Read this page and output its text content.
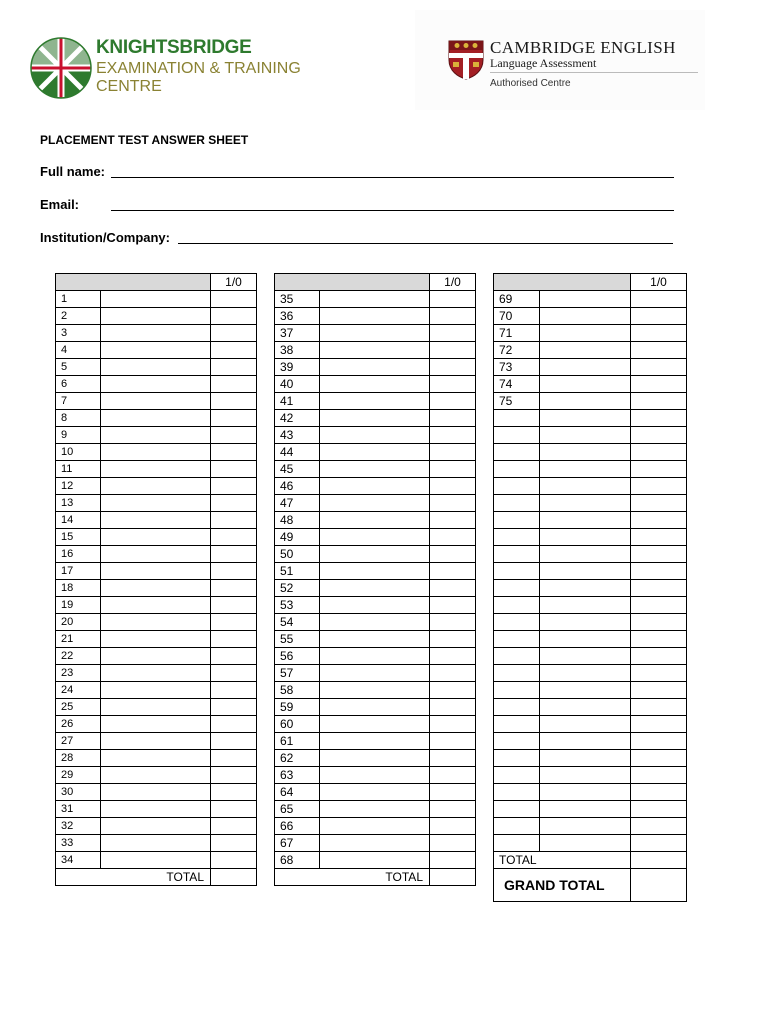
KNIGHTSBRIDGE
EXAMINATION & TRAINING
CENTRE
CAMBRIDGE ENGLISH
Language Assessment
Authorised Centre
PLACEMENT TEST ANSWER SHEET
Full name:
Email:
Institution/Company:
		1/0
1		
2		
3		
4		
5		
6		
7		
8		
9		
10		
11		
12		
13		
14		
15		
16		
17		
18		
19		
20		
21		
22		
23		
24		
25		
26		
27		
28		
29		
30		
31		
32		
33		
34		
TOTAL		
		1/0
35		
36		
37		
38		
39		
40		
41		
42		
43		
44		
45		
46		
47		
48		
49		
50		
51		
52		
53		
54		
55		
56		
57		
58		
59		
60		
61		
62		
63		
64		
65		
66		
67		
68		
TOTAL		
		1/0
69		
70		
71		
72		
73		
74		
75		

TOTAL		
GRAND TOTAL		
